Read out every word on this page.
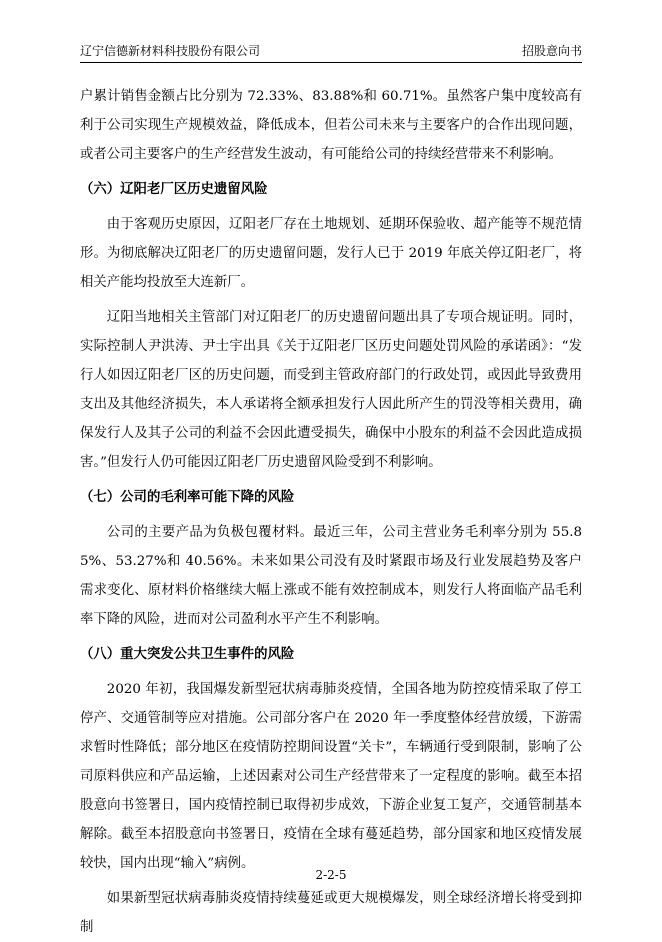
辽宁信德新材料科技股份有限公司	招股意向书

户累计销售金额占比分别为 72.33%、83.88%和 60.71%。虽然客户集中度较高有利于公司实现生产规模效益，降低成本，但若公司未来与主要客户的合作出现问题，或者公司主要客户的生产经营发生波动，有可能给公司的持续经营带来不利影响。

（六）辽阳老厂区历史遗留风险

由于客观历史原因，辽阳老厂存在土地规划、延期环保验收、超产能等不规范情形。为彻底解决辽阳老厂的历史遗留问题，发行人已于 2019 年底关停辽阳老厂，将相关产能均投放至大连新厂。

辽阳当地相关主管部门对辽阳老厂的历史遗留问题出具了专项合规证明。同时，实际控制人尹洪涛、尹士宇出具《关于辽阳老厂区历史问题处罚风险的承诺函》：“发行人如因辽阳老厂区的历史问题，而受到主管政府部门的行政处罚，或因此导致费用支出及其他经济损失，本人承诺将全额承担发行人因此所产生的罚没等相关费用，确保发行人及其子公司的利益不会因此遭受损失，确保中小股东的利益不会因此造成损害。”但发行人仍可能因辽阳老厂历史遗留风险受到不利影响。

（七）公司的毛利率可能下降的风险

公司的主要产品为负极包覆材料。最近三年，公司主营业务毛利率分别为 55.85%、53.27%和 40.56%。未来如果公司没有及时紧跟市场及行业发展趋势及客户需求变化、原材料价格继续大幅上涨或不能有效控制成本，则发行人将面临产品毛利率下降的风险，进而对公司盈利水平产生不利影响。

（八）重大突发公共卫生事件的风险

2020 年初，我国爆发新型冠状病毒肺炎疫情，全国各地为防控疫情采取了停工停产、交通管制等应对措施。公司部分客户在 2020 年一季度整体经营放缓，下游需求暂时性降低；部分地区在疫情防控期间设置“关卡”，车辆通行受到限制，影响了公司原料供应和产品运输，上述因素对公司生产经营带来了一定程度的影响。截至本招股意向书签署日，国内疫情控制已取得初步成效，下游企业复工复产，交通管制基本解除。截至本招股意向书签署日，疫情在全球有蔓延趋势，部分国家和地区疫情发展较快，国内出现“输入”病例。

如果新型冠状病毒肺炎疫情持续蔓延或更大规模爆发，则全球经济增长将受到抑制

2-2-5
